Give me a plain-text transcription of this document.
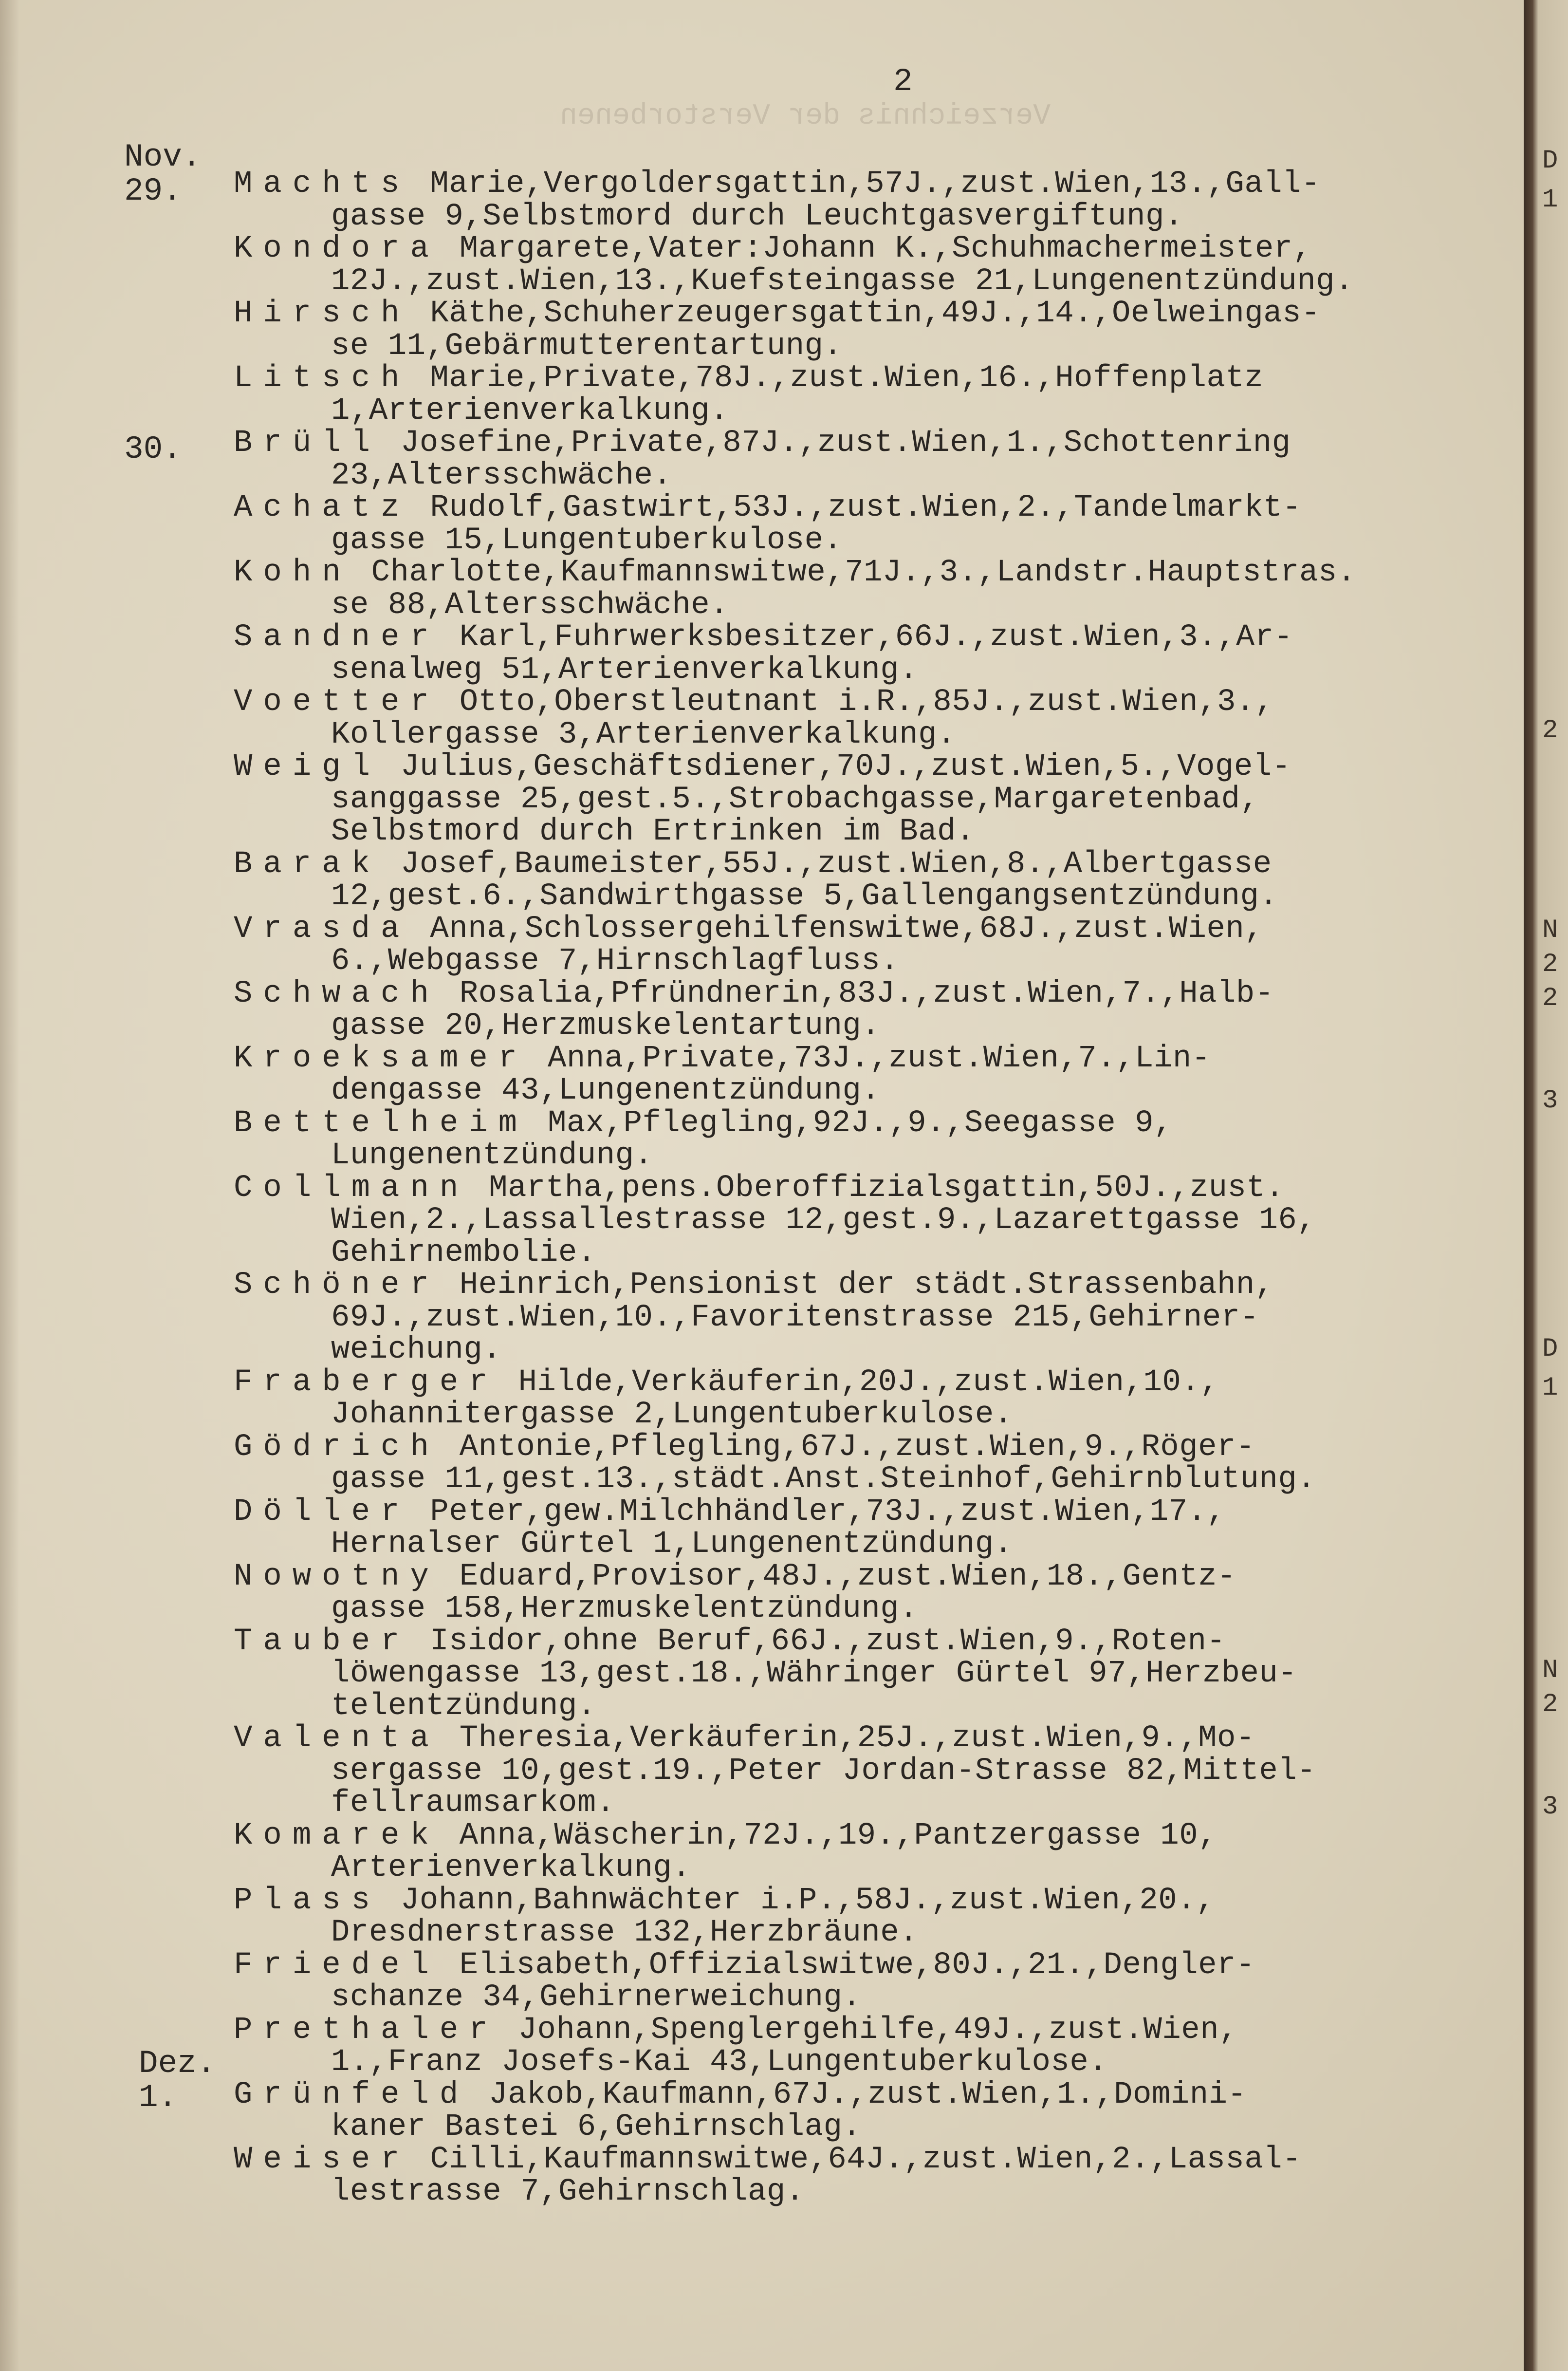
Verzeichnis der Verstorbenen
2
Nov.
29.
30.
Dez.
1.
Machts Marie,Vergoldersgattin,57J.,zust.Wien,13.,Gall-
gasse 9,Selbstmord durch Leuchtgasvergiftung.
Kondora Margarete,Vater:Johann K.,Schuhmachermeister,
12J.,zust.Wien,13.,Kuefsteingasse 21,Lungenentzündung.
Hirsch Käthe,Schuherzeugersgattin,49J.,14.,Oelweingas-
se 11,Gebärmutterentartung.
Litsch Marie,Private,78J.,zust.Wien,16.,Hoffenplatz
1,Arterienverkalkung.
Brüll Josefine,Private,87J.,zust.Wien,1.,Schottenring
23,Altersschwäche.
Achatz Rudolf,Gastwirt,53J.,zust.Wien,2.,Tandelmarkt-
gasse 15,Lungentuberkulose.
Kohn Charlotte,Kaufmannswitwe,71J.,3.,Landstr.Hauptstras.
se 88,Altersschwäche.
Sandner Karl,Fuhrwerksbesitzer,66J.,zust.Wien,3.,Ar-
senalweg 51,Arterienverkalkung.
Voetter Otto,Oberstleutnant i.R.,85J.,zust.Wien,3.,
Kollergasse 3,Arterienverkalkung.
Weigl Julius,Geschäftsdiener,70J.,zust.Wien,5.,Vogel-
sanggasse 25,gest.5.,Strobachgasse,Margaretenbad,
Selbstmord durch Ertrinken im Bad.
Barak Josef,Baumeister,55J.,zust.Wien,8.,Albertgasse
12,gest.6.,Sandwirthgasse 5,Gallengangsentzündung.
Vrasda Anna,Schlossergehilfenswitwe,68J.,zust.Wien,
6.,Webgasse 7,Hirnschlagfluss.
Schwach Rosalia,Pfründnerin,83J.,zust.Wien,7.,Halb-
gasse 20,Herzmuskelentartung.
Kroeksamer Anna,Private,73J.,zust.Wien,7.,Lin-
dengasse 43,Lungenentzündung.
Bettelheim Max,Pflegling,92J.,9.,Seegasse 9,
Lungenentzündung.
Collmann Martha,pens.Oberoffizialsgattin,50J.,zust.
Wien,2.,Lassallestrasse 12,gest.9.,Lazarettgasse 16,
Gehirnembolie.
Schöner Heinrich,Pensionist der städt.Strassenbahn,
69J.,zust.Wien,10.,Favoritenstrasse 215,Gehirner-
weichung.
Fraberger Hilde,Verkäuferin,20J.,zust.Wien,10.,
Johannitergasse 2,Lungentuberkulose.
Gödrich Antonie,Pflegling,67J.,zust.Wien,9.,Röger-
gasse 11,gest.13.,städt.Anst.Steinhof,Gehirnblutung.
Döller Peter,gew.Milchhändler,73J.,zust.Wien,17.,
Hernalser Gürtel 1,Lungenentzündung.
Nowotny Eduard,Provisor,48J.,zust.Wien,18.,Gentz-
gasse 158,Herzmuskelentzündung.
Tauber Isidor,ohne Beruf,66J.,zust.Wien,9.,Roten-
löwengasse 13,gest.18.,Währinger Gürtel 97,Herzbeu-
telentzündung.
Valenta Theresia,Verkäuferin,25J.,zust.Wien,9.,Mo-
sergasse 10,gest.19.,Peter Jordan-Strasse 82,Mittel-
fellraumsarkom.
Komarek Anna,Wäscherin,72J.,19.,Pantzergasse 10,
Arterienverkalkung.
Plass Johann,Bahnwächter i.P.,58J.,zust.Wien,20.,
Dresdnerstrasse 132,Herzbräune.
Friedel Elisabeth,Offizialswitwe,80J.,21.,Dengler-
schanze 34,Gehirnerweichung.
Prethaler Johann,Spenglergehilfe,49J.,zust.Wien,
1.,Franz Josefs-Kai 43,Lungentuberkulose.
Grünfeld Jakob,Kaufmann,67J.,zust.Wien,1.,Domini-
kaner Bastei 6,Gehirnschlag.
Weiser Cilli,Kaufmannswitwe,64J.,zust.Wien,2.,Lassal-
lestrasse 7,Gehirnschlag.
D
1
2
N
2
2
3
D
1
N
2
3
